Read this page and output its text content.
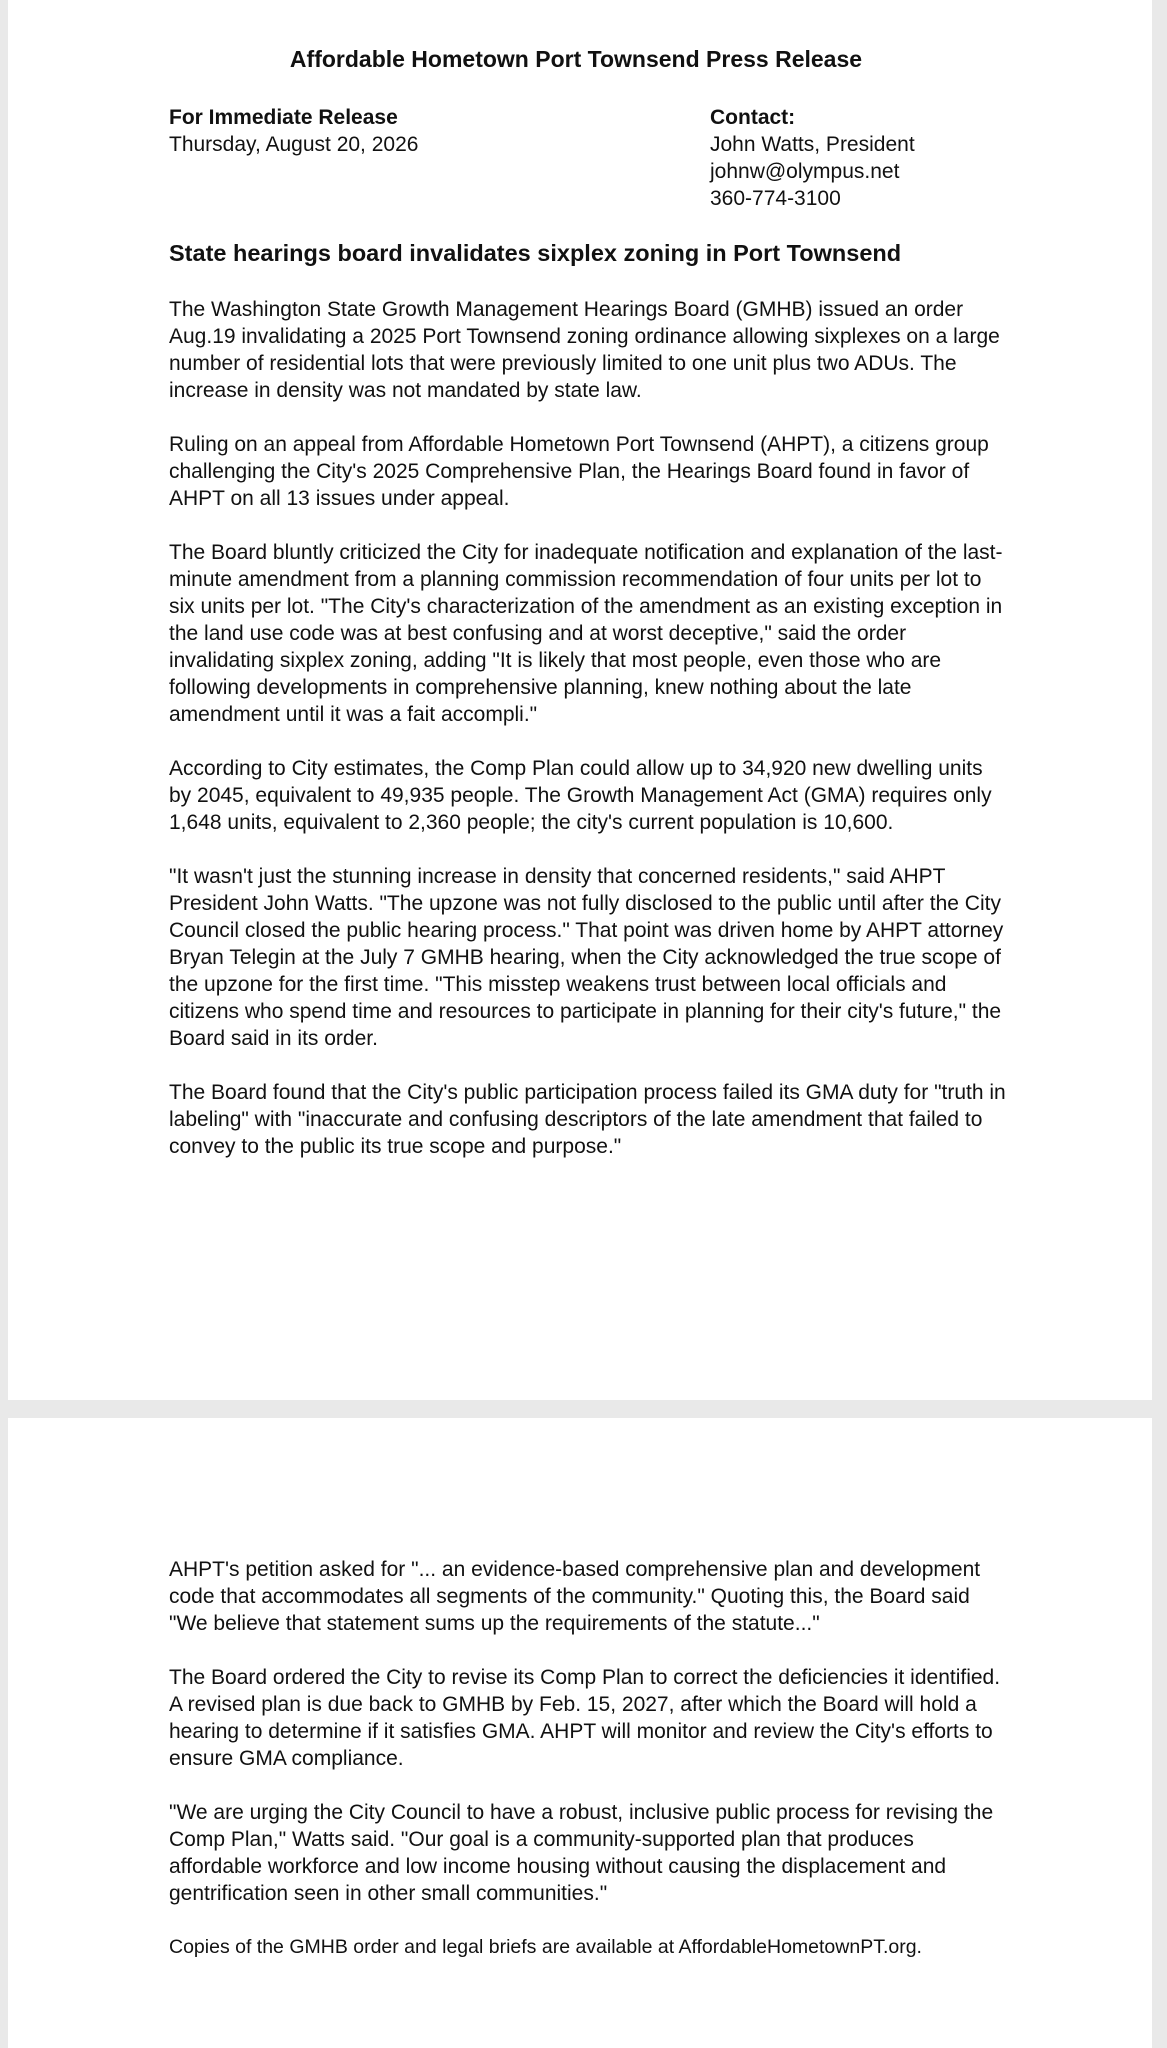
Affordable Hometown Port Townsend Press Release
For Immediate Release
Thursday, August 20, 2026
Contact:
John Watts, President
johnw@olympus.net
360-774-3100
State hearings board invalidates sixplex zoning in Port Townsend

The Washington State Growth Management Hearings Board (GMHB) issued an order Aug.19 invalidating a 2025 Port Townsend zoning ordinance allowing sixplexes on a large number of residential lots that were previously limited to one unit plus two ADUs. The increase in density was not mandated by state law.

Ruling on an appeal from Affordable Hometown Port Townsend (AHPT), a citizens group challenging the City's 2025 Comprehensive Plan, the Hearings Board found in favor of AHPT on all 13 issues under appeal.

The Board bluntly criticized the City for inadequate notification and explanation of the last-minute amendment from a planning commission recommendation of four units per lot to six units per lot. "The City's characterization of the amendment as an existing exception in the land use code was at best confusing and at worst deceptive," said the order invalidating sixplex zoning, adding "It is likely that most people, even those who are following developments in comprehensive planning, knew nothing about the late amendment until it was a fait accompli."

According to City estimates, the Comp Plan could allow up to 34,920 new dwelling units by 2045, equivalent to 49,935 people. The Growth Management Act (GMA) requires only 1,648 units, equivalent to 2,360 people; the city's current population is 10,600.

"It wasn't just the stunning increase in density that concerned residents," said AHPT President John Watts. "The upzone was not fully disclosed to the public until after the City Council closed the public hearing process." That point was driven home by AHPT attorney Bryan Telegin at the July 7 GMHB hearing, when the City acknowledged the true scope of the upzone for the first time. "This misstep weakens trust between local officials and citizens who spend time and resources to participate in planning for their city's future," the Board said in its order.

The Board found that the City's public participation process failed its GMA duty for "truth in labeling" with "inaccurate and confusing descriptors of the late amendment that failed to convey to the public its true scope and purpose."

AHPT's petition asked for "... an evidence-based comprehensive plan and development code that accommodates all segments of the community." Quoting this, the Board said "We believe that statement sums up the requirements of the statute..."

The Board ordered the City to revise its Comp Plan to correct the deficiencies it identified. A revised plan is due back to GMHB by Feb. 15, 2027, after which the Board will hold a hearing to determine if it satisfies GMA. AHPT will monitor and review the City's efforts to ensure GMA compliance.

"We are urging the City Council to have a robust, inclusive public process for revising the Comp Plan," Watts said. "Our goal is a community-supported plan that produces affordable workforce and low income housing without causing the displacement and gentrification seen in other small communities."

Copies of the GMHB order and legal briefs are available at AffordableHometownPT.org.
